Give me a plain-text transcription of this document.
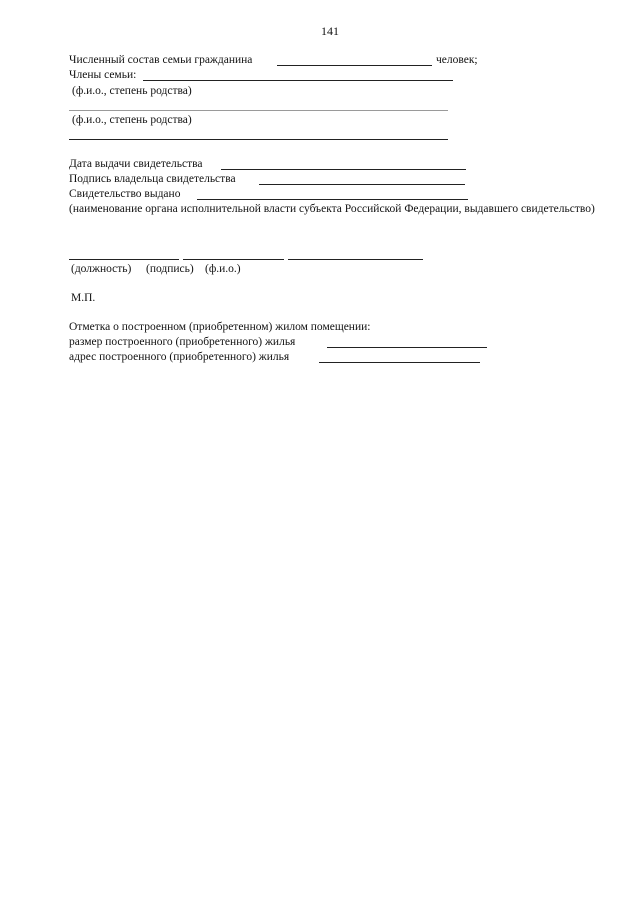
141
Численный состав семьи гражданина	человек;
Члены семьи:
(ф.и.о., степень родства)
(ф.и.о., степень родства)
Дата выдачи свидетельства
Подпись владельца свидетельства
Свидетельство выдано
(наименование органа исполнительной власти субъекта Российской Федерации, выдавшего свидетельство)
(должность) (подпись) (ф.и.о.)
М.П.
Отметка о построенном (приобретенном) жилом помещении:
размер построенного (приобретенного) жилья
адрес построенного (приобретенного) жилья
